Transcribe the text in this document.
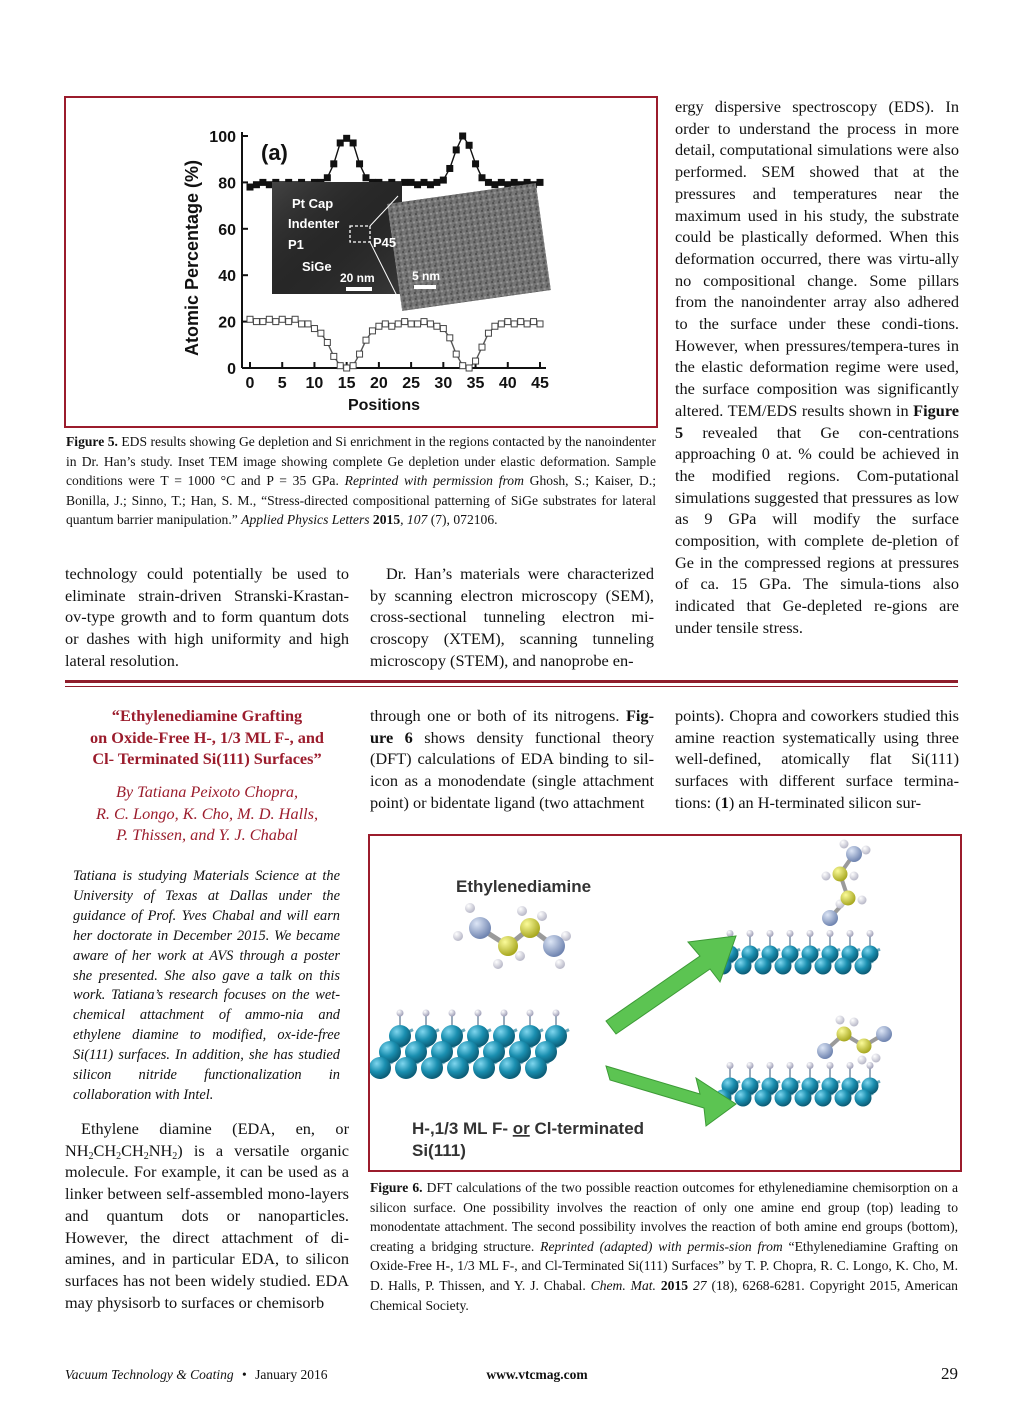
0 5 10 15 20 25 30 35 40 45
0
20
40
60
80
100
(a)
Atomic Percentage (%)
Positions
Pt Cap
Indenter
P1
SiGe
P45
20 nm	5 nm
Figure 5. EDS results showing Ge depletion and Si enrichment in the regions contacted by the nanoindenter in Dr. Han’s study. Inset TEM image showing complete Ge depletion under elastic deformation. Sample conditions were T = 1000 °C and P = 35 GPa. Reprinted with permission from Ghosh, S.; Kaiser, D.; Bonilla, J.; Sinno, T.; Han, S. M., “Stress-directed compositional patterning of SiGe substrates for lateral quantum barrier manipulation.” Applied Physics Letters 2015, 107 (7), 072106.
technology could potentially be used to eliminate strain-driven Stranski-Krastan-ov-type growth and to form quantum dots or dashes with high uniformity and high lateral resolution.
Dr. Han’s materials were characterized by scanning electron microscopy (SEM), cross-sectional tunneling electron mi-croscopy (XTEM), scanning tunneling microscopy (STEM), and nanoprobe en-
ergy dispersive spectroscopy (EDS). In order to understand the process in more detail, computational simulations were also performed. SEM showed that at the pressures and temperatures near the maximum used in his study, the substrate could be plastically deformed. When this deformation occurred, there was virtu-ally no compositional change. Some pillars from the nanoindenter array also adhered to the surface under these condi-tions. However, when pressures/tempera-tures in the elastic deformation regime were used, the surface composition was significantly altered. TEM/EDS results shown in Figure 5 revealed that Ge con-centrations approaching 0 at. % could be achieved in the modified regions. Com-putational simulations suggested that pressures as low as 9 GPa will modify the surface composition, with complete de-pletion of Ge in the compressed regions at pressures of ca. 15 GPa. The simula-tions also indicated that Ge-depleted re-gions are under tensile stress.
“Ethylenediamine Grafting
on Oxide-Free H-, 1/3 ML F-, and
Cl- Terminated Si(111) Surfaces”
By Tatiana Peixoto Chopra,
R. C. Longo, K. Cho, M. D. Halls,
P. Thissen, and Y. J. Chabal
Tatiana is studying Materials Science at the University of Texas at Dallas under the guidance of Prof. Yves Chabal and will earn her doctorate in December 2015. We became aware of her work at AVS through a poster she presented. She also gave a talk on this work. Tatiana’s research focuses on the wet-chemical attachment of ammo-nia and ethylene diamine to modified, ox-ide-free Si(111) surfaces. In addition, she has studied silicon nitride functionalization in collaboration with Intel.
Ethylene diamine (EDA, en, or $NH_2CH_2CH_2NH_2$) is a versatile organic molecule. For example, it can be used as a linker between self-assembled mono-layers and quantum dots or nanoparticles. However, the direct attachment of di-amines, and in particular EDA, to silicon surfaces has not been widely studied. EDA may physisorb to surfaces or chemisorb
through one or both of its nitrogens. Fig-ure 6 shows density functional theory (DFT) calculations of EDA binding to sil-icon as a monodendate (single attachment point) or bidentate ligand (two attachment
points). Chopra and coworkers studied this amine reaction systematically using three well-defined, atomically flat Si(111) surfaces with different surface termina-tions: (1) an H-terminated silicon sur-
Ethylenediamine
H-,1/3 ML F- or Cl-terminated
Si(111)
Figure 6. DFT calculations of the two possible reaction outcomes for ethylenediamine chemisorption on a silicon surface. One possibility involves the reaction of only one amine end group (top) leading to monodentate attachment. The second possibility involves the reaction of both amine end groups (bottom), creating a bridging structure. Reprinted (adapted) with permis-sion from “Ethylenediamine Grafting on Oxide-Free H-, 1/3 ML F-, and Cl-Terminated Si(111) Surfaces” by T. P. Chopra, R. C. Longo, K. Cho, M. D. Halls, P. Thissen, and Y. J. Chabal. Chem. Mat. 2015 27 (18), 6268-6281. Copyright 2015, American Chemical Society.
Vacuum Technology & Coating • January 2016	www.vtcmag.com	29
